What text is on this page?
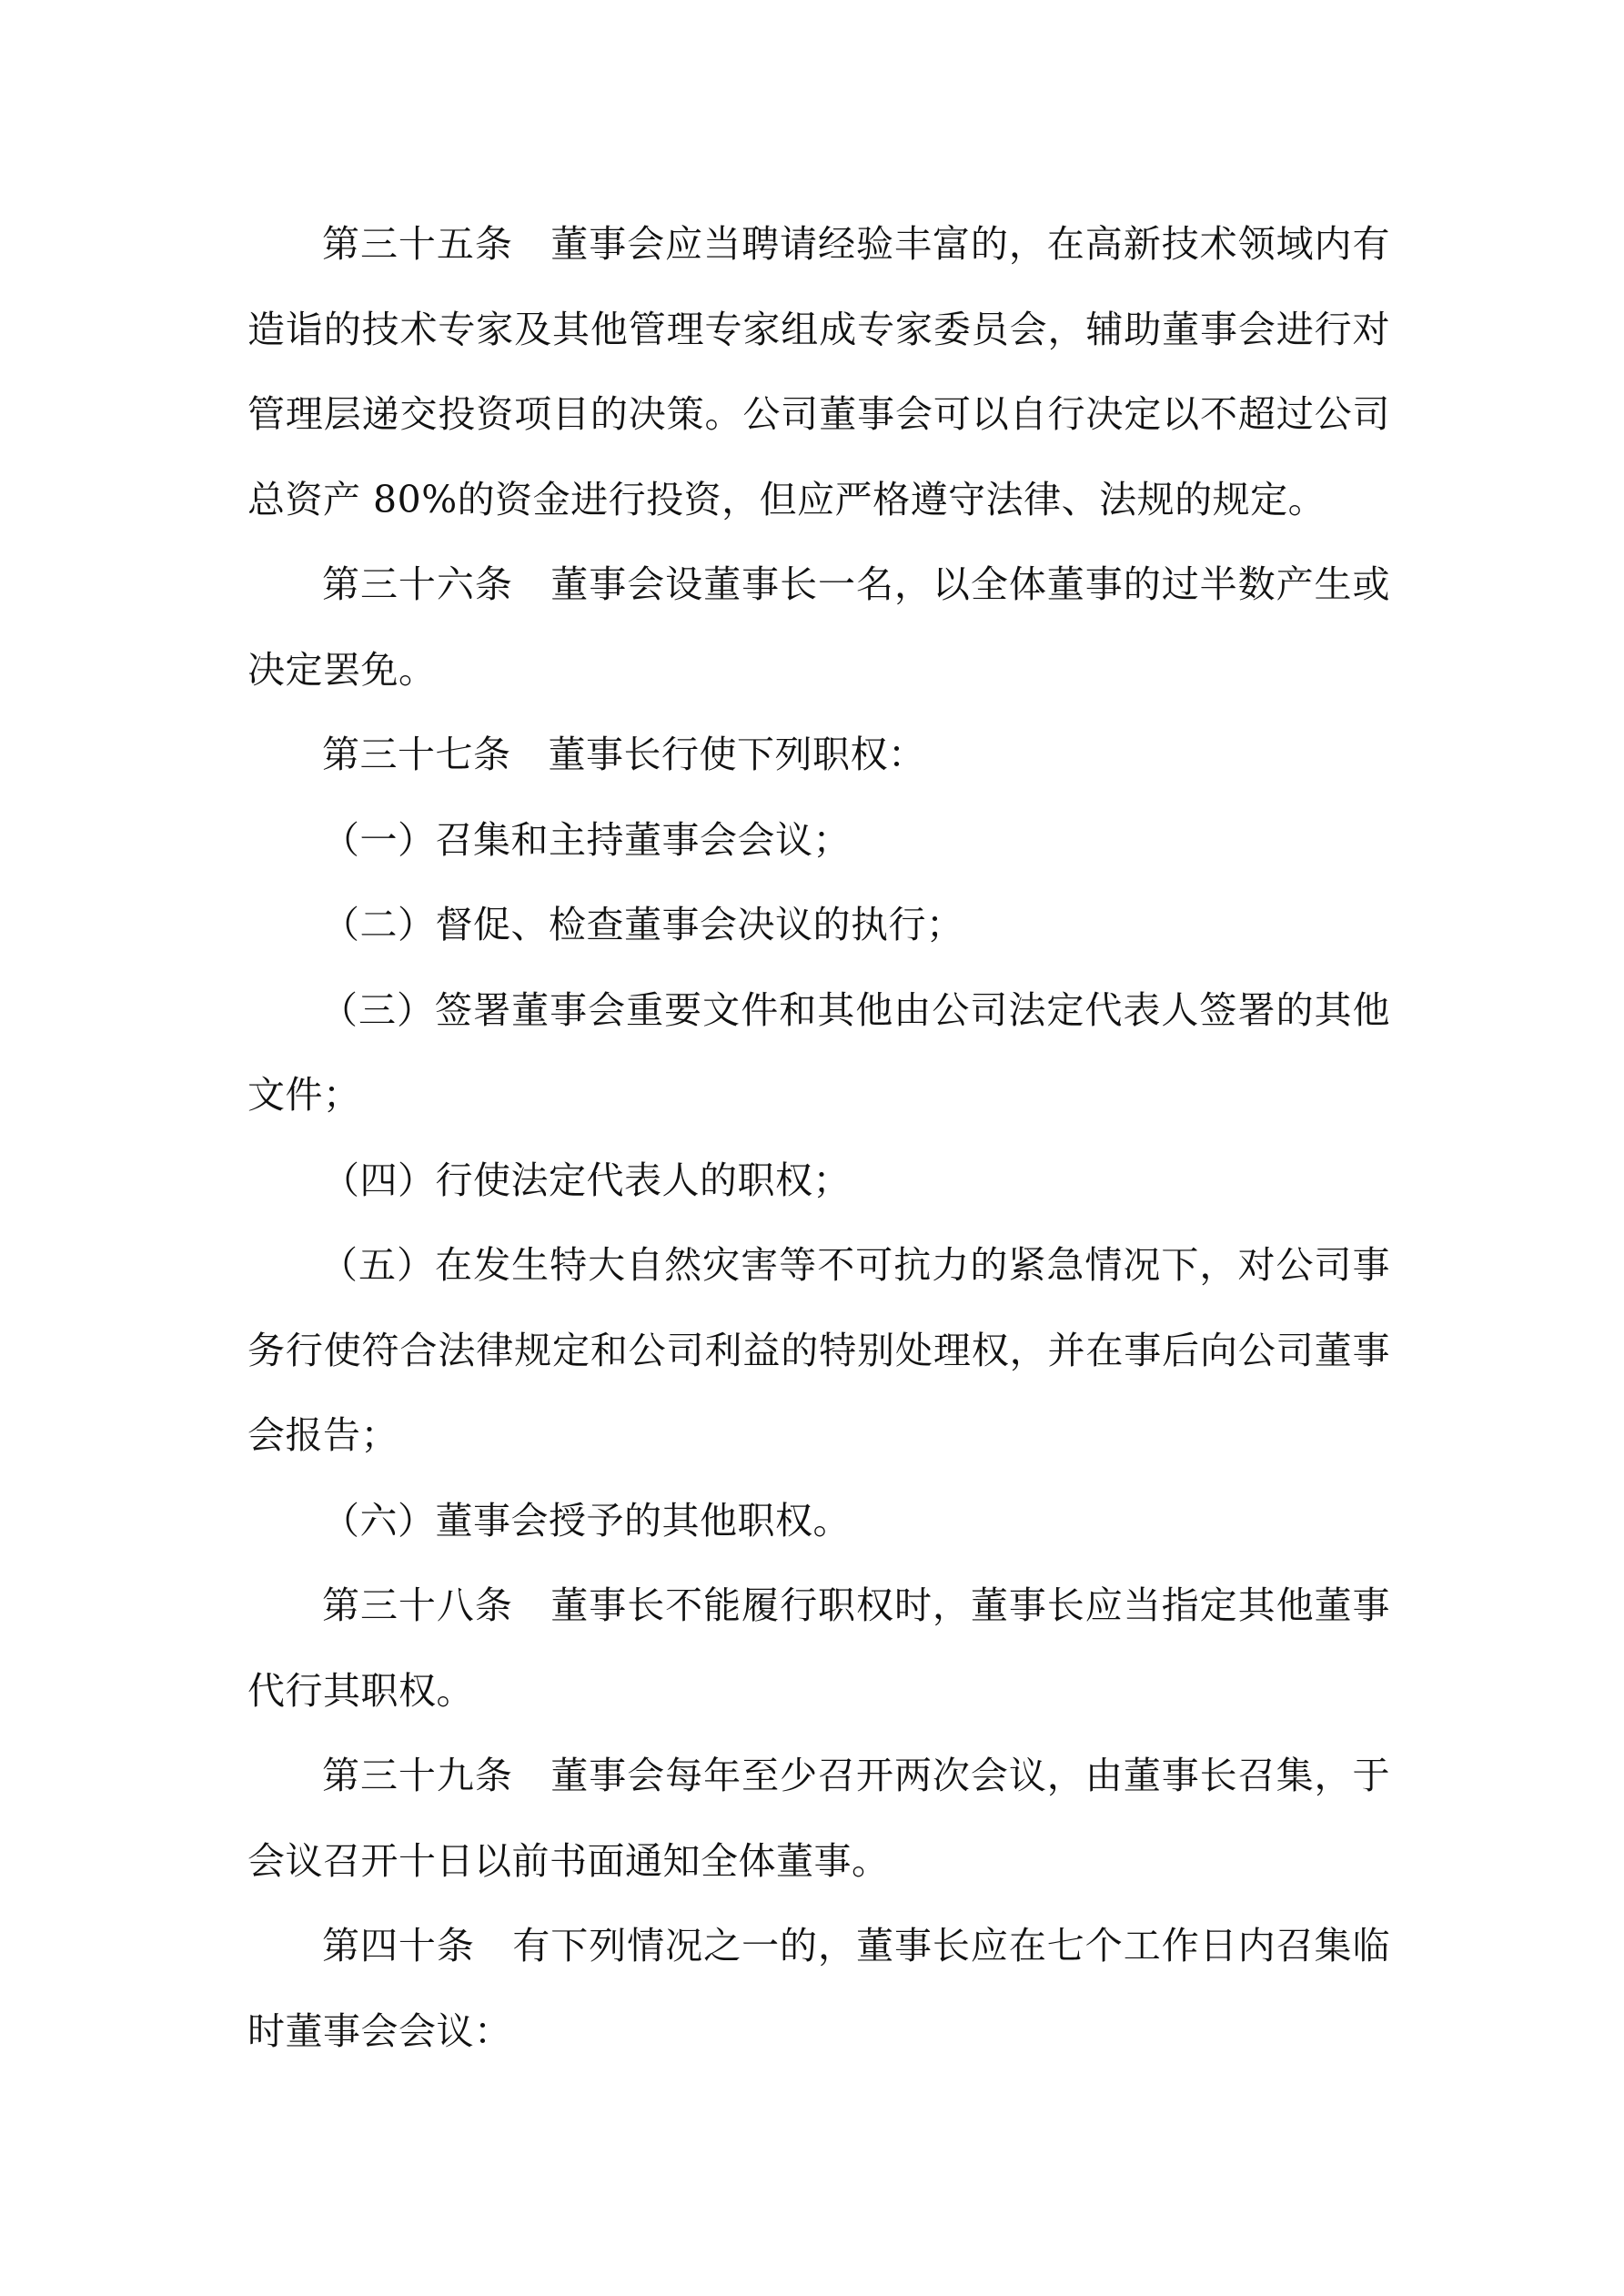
第三十五条 董事会应当聘请经验丰富的，在高新技术领域内有造诣的技术专家及其他管理专家组成专家委员会，辅助董事会进行对管理层递交投资项目的决策。公司董事会可以自行决定以不超过公司总资产 80%的资金进行投资，但应严格遵守法律、法规的规定。

第三十六条 董事会设董事长一名，以全体董事的过半数产生或决定罢免。

第三十七条 董事长行使下列职权：

（一）召集和主持董事会会议；

（二）督促、检查董事会决议的执行；

（三）签署董事会重要文件和其他由公司法定代表人签署的其他文件；

（四）行使法定代表人的职权；

（五）在发生特大自然灾害等不可抗力的紧急情况下，对公司事务行使符合法律规定和公司利益的特别处理权，并在事后向公司董事会报告；

（六）董事会授予的其他职权。

第三十八条 董事长不能履行职权时，董事长应当指定其他董事代行其职权。

第三十九条 董事会每年至少召开两次会议，由董事长召集，于会议召开十日以前书面通知全体董事。

第四十条 有下列情况之一的，董事长应在七个工作日内召集临时董事会会议：
